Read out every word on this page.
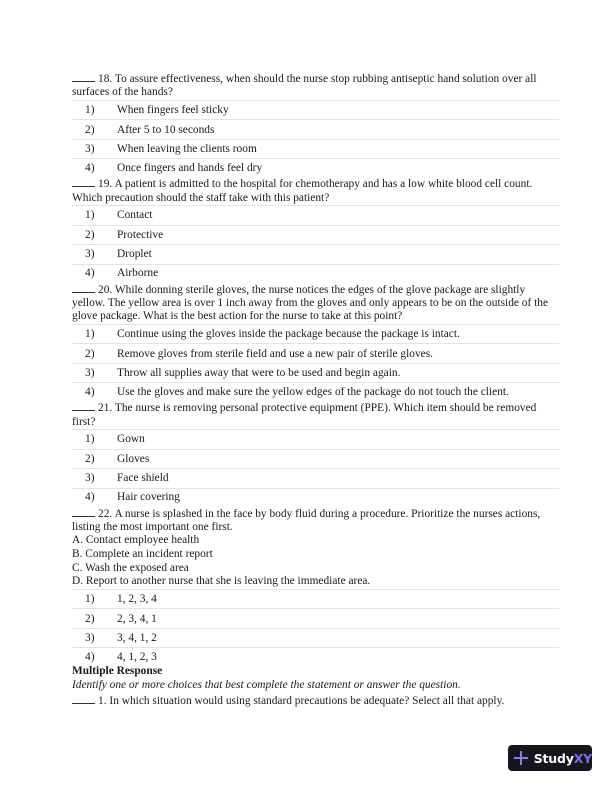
18. To assure effectiveness, when should the nurse stop rubbing antiseptic hand solution over all surfaces of the hands?

1)	When fingers feel sticky
2)	After 5 to 10 seconds
3)	When leaving the clients room
4)	Once fingers and hands feel dry

19. A patient is admitted to the hospital for chemotherapy and has a low white blood cell count. Which precaution should the staff take with this patient?

1)	Contact
2)	Protective
3)	Droplet
4)	Airborne

20. While donning sterile gloves, the nurse notices the edges of the glove package are slightly yellow. The yellow area is over 1 inch away from the gloves and only appears to be on the outside of the glove package. What is the best action for the nurse to take at this point?

1)	Continue using the gloves inside the package because the package is intact.
2)	Remove gloves from sterile field and use a new pair of sterile gloves.
3)	Throw all supplies away that were to be used and begin again.
4)	Use the gloves and make sure the yellow edges of the package do not touch the client.

21. The nurse is removing personal protective equipment (PPE). Which item should be removed first?

1)	Gown
2)	Gloves
3)	Face shield
4)	Hair covering

22. A nurse is splashed in the face by body fluid during a procedure. Prioritize the nurses actions, listing the most important one first.

A. Contact employee health

B. Complete an incident report

C. Wash the exposed area

D. Report to another nurse that she is leaving the immediate area.

1)	1, 2, 3, 4
2)	2, 3, 4, 1
3)	3, 4, 1, 2
4)	4, 1, 2, 3

Multiple Response

Identify one or more choices that best complete the statement or answer the question.

1. In which situation would using standard precautions be adequate? Select all that apply.

StudyXY
